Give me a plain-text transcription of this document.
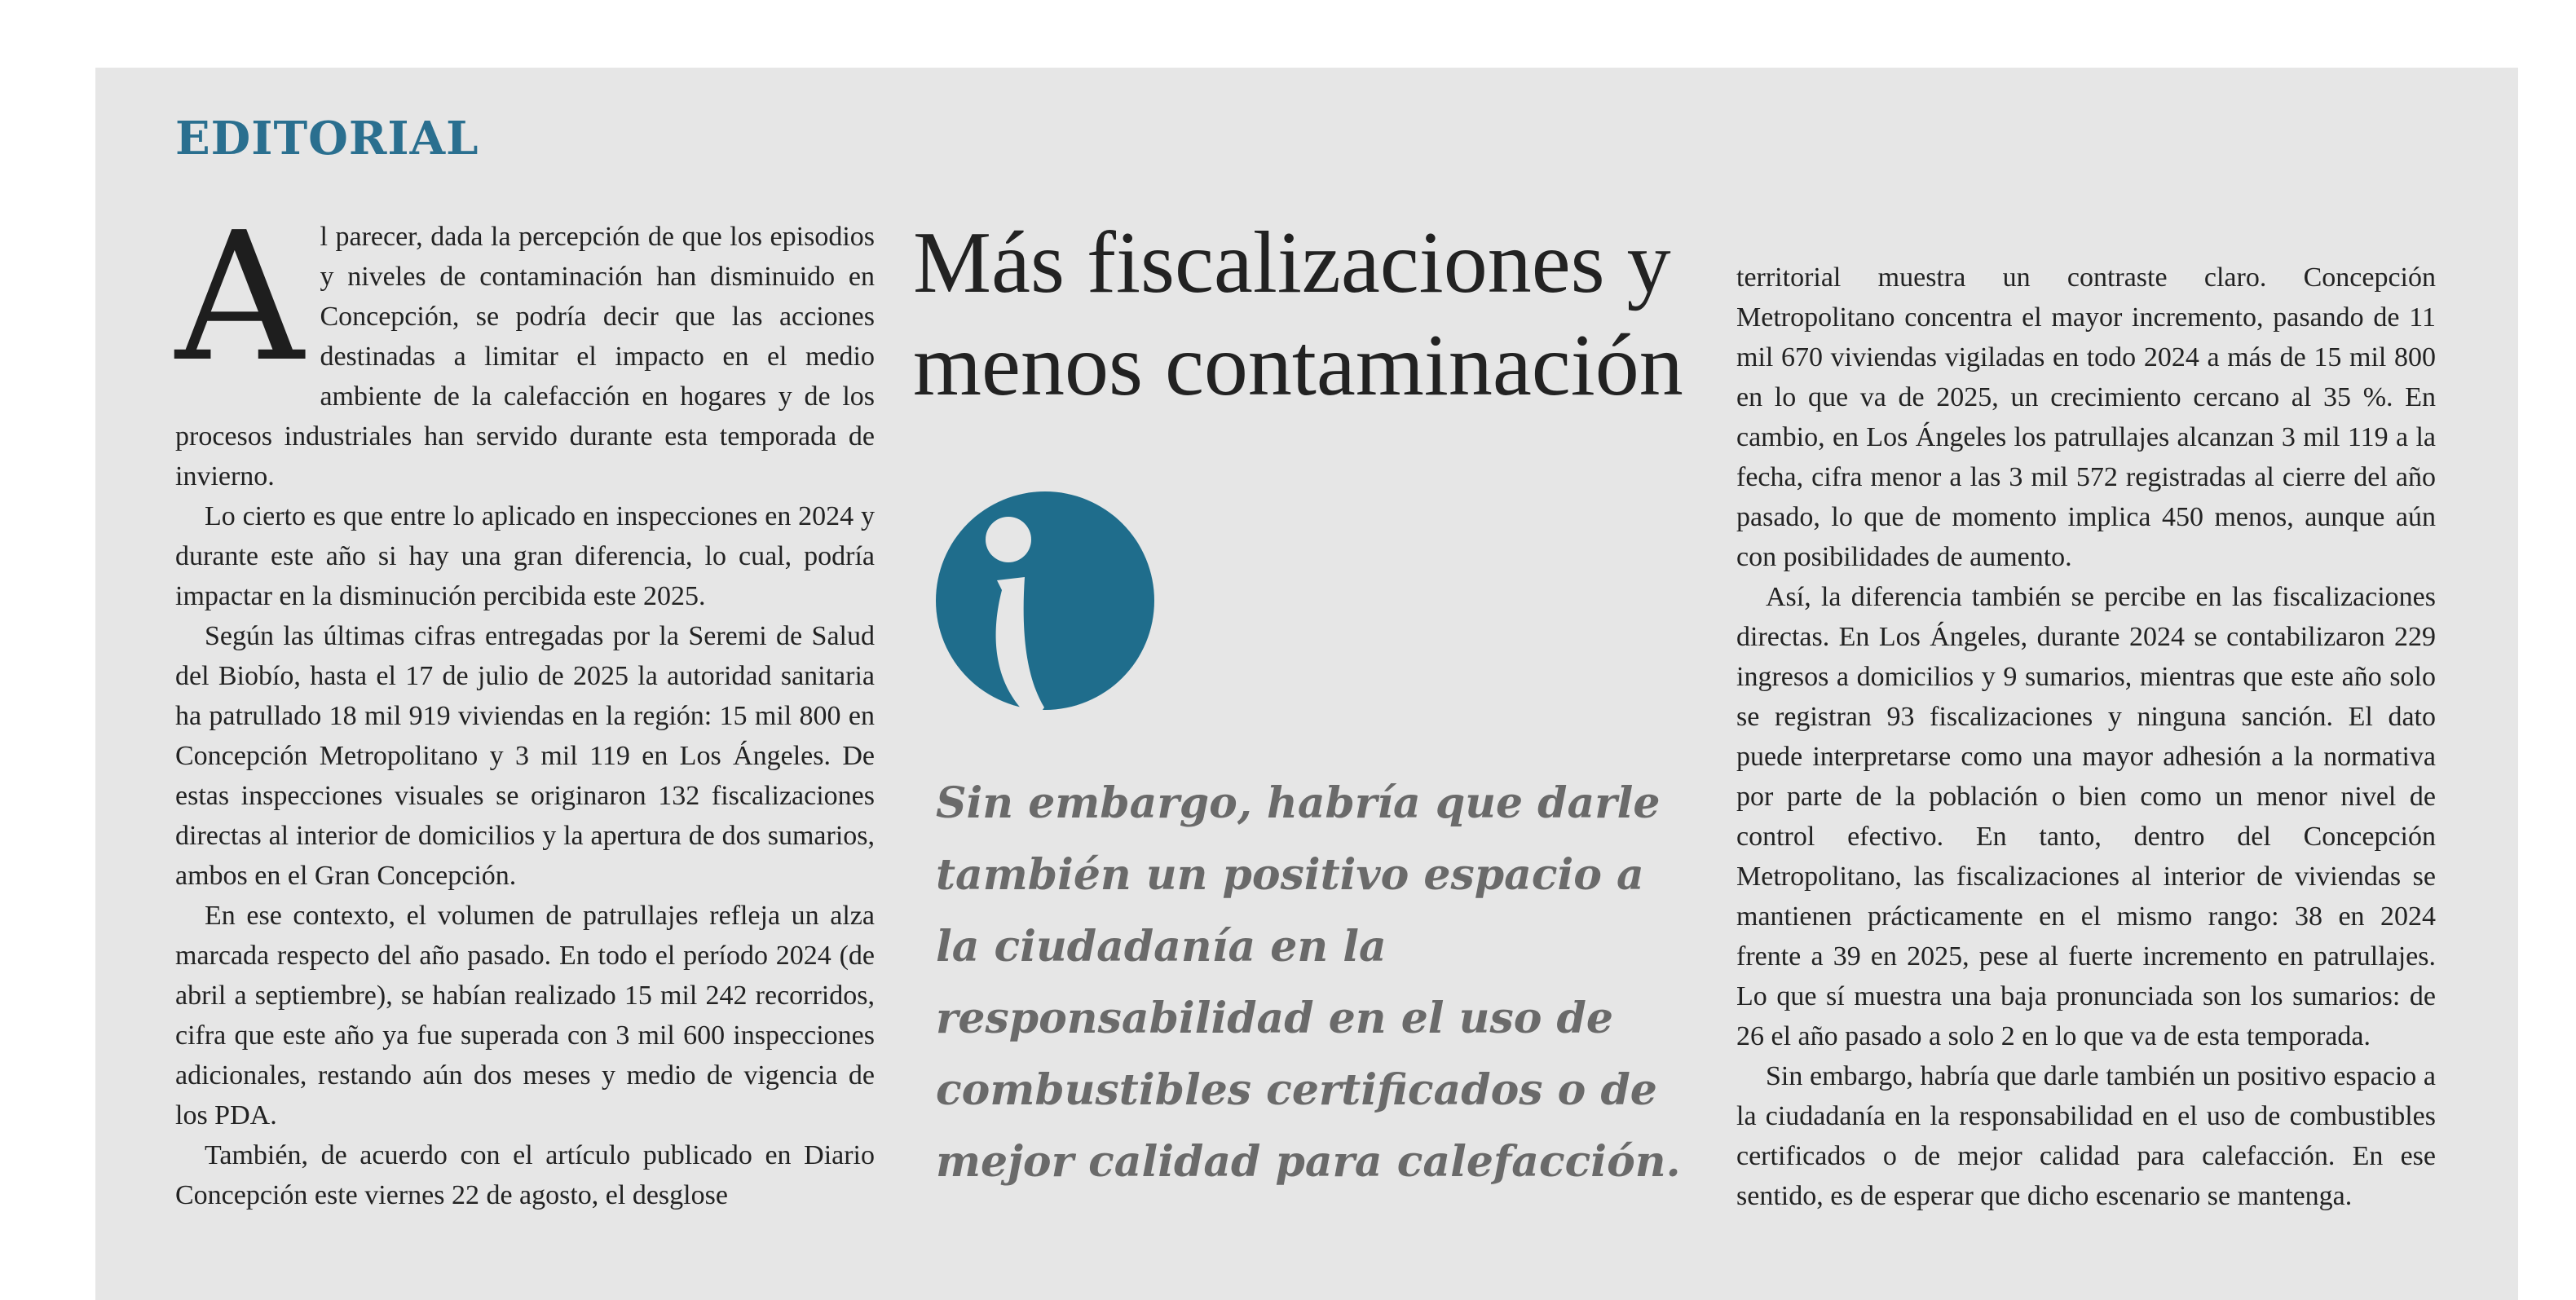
EDITORIAL
A l parecer, dada la percepción de que los episodios y niveles de contaminación han disminuido en Concepción, se podría decir que las acciones destinadas a limitar el impacto en el medio ambiente de la calefacción en hogares y de los procesos industriales han servido durante esta temporada de invierno.

Lo cierto es que entre lo aplicado en inspecciones en 2024 y durante este año si hay una gran diferencia, lo cual, podría impactar en la disminución percibida este 2025.

Según las últimas cifras entregadas por la Seremi de Salud del Biobío, hasta el 17 de julio de 2025 la autoridad sanitaria ha patrullado 18 mil 919 viviendas en la región: 15 mil 800 en Concepción Metropolitano y 3 mil 119 en Los Ángeles. De estas inspecciones visuales se originaron 132 fiscalizaciones directas al interior de domicilios y la apertura de dos sumarios, ambos en el Gran Concepción.

En ese contexto, el volumen de patrullajes refleja un alza marcada respecto del año pasado. En todo el período 2024 (de abril a septiembre), se habían realizado 15 mil 242 recorridos, cifra que este año ya fue superada con 3 mil 600 inspecciones adicionales, restando aún dos meses y medio de vigencia de los PDA.

También, de acuerdo con el artículo publicado en Diario Concepción este viernes 22 de agosto, el desglose

Más fiscalizaciones y menos contaminación

Sin embargo, habría que darle también un positivo espacio a la ciudadanía en la responsabilidad en el uso de combustibles certificados o de mejor calidad para calefacción.

territorial muestra un contraste claro. Concepción Metropolitano concentra el mayor incremento, pasando de 11 mil 670 viviendas vigiladas en todo 2024 a más de 15 mil 800 en lo que va de 2025, un crecimiento cercano al 35 %. En cambio, en Los Ángeles los patrullajes alcanzan 3 mil 119 a la fecha, cifra menor a las 3 mil 572 registradas al cierre del año pasado, lo que de momento implica 450 menos, aunque aún con posibilidades de aumento.

Así, la diferencia también se percibe en las fiscalizaciones directas. En Los Ángeles, durante 2024 se contabilizaron 229 ingresos a domicilios y 9 sumarios, mientras que este año solo se registran 93 fiscalizaciones y ninguna sanción. El dato puede interpretarse como una mayor adhesión a la normativa por parte de la población o bien como un menor nivel de control efectivo. En tanto, dentro del Concepción Metropolitano, las fiscalizaciones al interior de viviendas se mantienen prácticamente en el mismo rango: 38 en 2024 frente a 39 en 2025, pese al fuerte incremento en patrullajes. Lo que sí muestra una baja pronunciada son los sumarios: de 26 el año pasado a solo 2 en lo que va de esta temporada.

Sin embargo, habría que darle también un positivo espacio a la ciudadanía en la responsabilidad en el uso de combustibles certificados o de mejor calidad para calefacción. En ese sentido, es de esperar que dicho escenario se mantenga.
